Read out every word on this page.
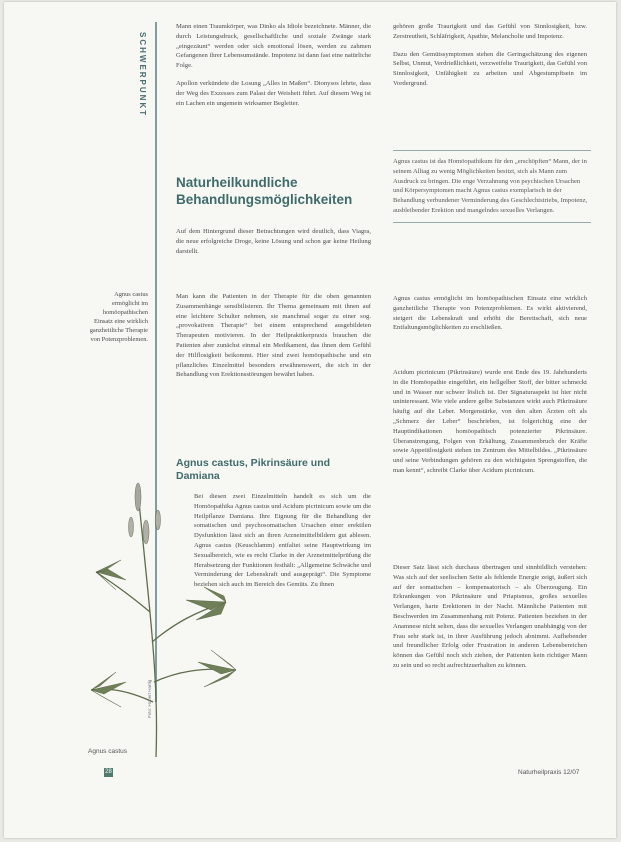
SCHWERPUNKT

Mann einen Traumkörper, was Dinko als Idiole bezeichnete. Männer, die durch Leistungsdruck, gesellschaftliche und soziale Zwänge stark „eingezäunt“ werden oder sich emotional lösen, werden zu zahmen Gefangenen ihrer Lebensumstände. Impotenz ist dann fast eine natürliche Folge.

Apollon verkündete die Losung „Alles in Maßen“. Dionysos lehrte, dass der Weg des Exzesses zum Palast der Weisheit führt. Auf diesem Weg ist ein Lachen ein ungemein wirksamer Begleiter.

Naturheilkundliche Behandlungsmöglichkeiten
Auf dem Hintergrund dieser Betrachtungen wird deutlich, dass Viagra, die neue erfolgreiche Droge, keine Lösung und schon gar keine Heilung darstellt.
Man kann die Patienten in der Therapie für die oben genannten Zusammenhänge sensibilisieren. Ihr Thema gemeinsam mit ihnen auf eine leichtere Schulter nehmen, sie manchmal sogar zu einer sog. „provokativen Therapie“ bei einem entsprechend ausgebildeten Therapeuten motivieren. In der Heilpraktikerpraxis brauchen die Patienten aber zunächst einmal ein Medikament, das ihnen dem Gefühl der Hilflosigkeit beikommt. Hier sind zwei homöopathische und ein pflanzliches Einzelmittel besonders erwähnenswert, die sich in der Behandlung von Erektionsstörungen bewährt haben.
Agnus castus ermöglicht im homöopathischen Einsatz eine wirklich ganzheitliche Therapie von Potenzproblemen.
Agnus castus, Pikrinsäure und Damiana
Bei diesen zwei Einzelmitteln handelt es sich um die Homöopathika Agnus castus und Acidum picrinicum sowie um die Heilpflanze Damiana. Ihre Eignung für die Behandlung der somatischen und psychosomatischen Ursachen einer erektilen Dysfunktion lässt sich an ihren Arzneimittelbildern gut ablesen. Agnus castus (Keuschlamm) entfaltet seine Hauptwirkung im Sexualbereich, wie es recht Clarke in der Arzneimittelprüfung die Herabsetzung der Funktionen festhält: „Allgemeine Schwäche und Verminderung der Lebenskraft und ausgeprägt“. Die Symptome beziehen sich auch im Bereich des Gemüts. Zu ihnen

gehören große Traurigkeit und das Gefühl von Sinnlosigkeit, bzw. Zerstreutheit, Schläfrigkeit, Apathie, Melancholie und Impotenz.

Dazu den Gemütssymptomen stehen die Geringschätzung des eigenen Selbst, Unmut, Verdrießlichkeit, verzweifelte Traurigkeit, das Gefühl von Sinnlosigkeit, Unfähigkeit zu arbeiten und Abgestumpftsein im Vordergrund.

Agnus castus ist das Homöopathikum für den „erschöpften“ Mann, der in seinem Alltag zu wenig Möglichkeiten besitzt, sich als Mann zum Ausdruck zu bringen. Die enge Verzahnung von psychischen Ursachen und Körpersymptomen macht Agnus castus exemplarisch in der Behandlung verbundener Verminderung des Geschlechtstriebs, Impotenz, ausbleibender Erektion und mangelndes sexuelles Verlangen.
Agnus castus ermöglicht im homöopathischen Einsatz eine wirklich ganzheitliche Therapie von Potenzproblemen. Es wirkt aktivierend, steigert die Lebenskraft und erhöht die Bereitschaft, sich neue Entfaltungsmöglichkeiten zu erschließen.
Acidum picrinicum (Pikrinsäure) wurde erst Ende des 19. Jahrhunderts in die Homöopathie eingeführt, ein hellgelber Stoff, der bitter schmeckt und in Wasser nur schwer löslich ist. Der Signaturaspekt ist hier nicht uninteressant. Wie viele andere gelbe Substanzen wirkt auch Pikrinsäure häufig auf die Leber. Morgenstärke, von den alten Ärzten oft als „Schmerz der Leber“ beschrieben, ist folgerichtig eine der Hauptindikationen homöopathisch potenzierter Pikrinsäure. Überanstrengung, Folgen von Erkältung, Zusammenbruch der Kräfte sowie Appetitlosigkeit stehen im Zentrum des Mittelbildes. „Pikrinsäure und seine Verbindungen gehören zu den wichtigsten Sprengstoffen, die man kennt“, schreibt Clarke über Acidum picrinicum.
Dieser Satz lässt sich durchaus übertragen und sinnbildlich verstehen: Was sich auf der seelischen Seite als fehlende Energie zeigt, äußert sich auf der somatischen – kompensatorisch – als Überzeugung. Ein Erkrankungen von Pikrinsäure und Priapismus, großes sexuelles Verlangen, harte Erektionen in der Nacht. Männliche Patienten mit Beschwerden im Zusammenhang mit Potenz. Patienten beziehen in der Anamnese nicht selten, dass die sexuelles Verlangen unabhängig von der Frau sehr stark ist, in ihrer Ausführung jedoch abnimmt. Aufhebender und freundlicher Erfolg oder Frustration in anderen Lebensbereichen können das Gefühl noch sich ziehen, der Patienten kein richtiger Mann zu sein und so recht aufrechtzuerhalten zu können.
Agnus castus
Foto: Hubert Hartig
28	Naturheilpraxis 12/07
